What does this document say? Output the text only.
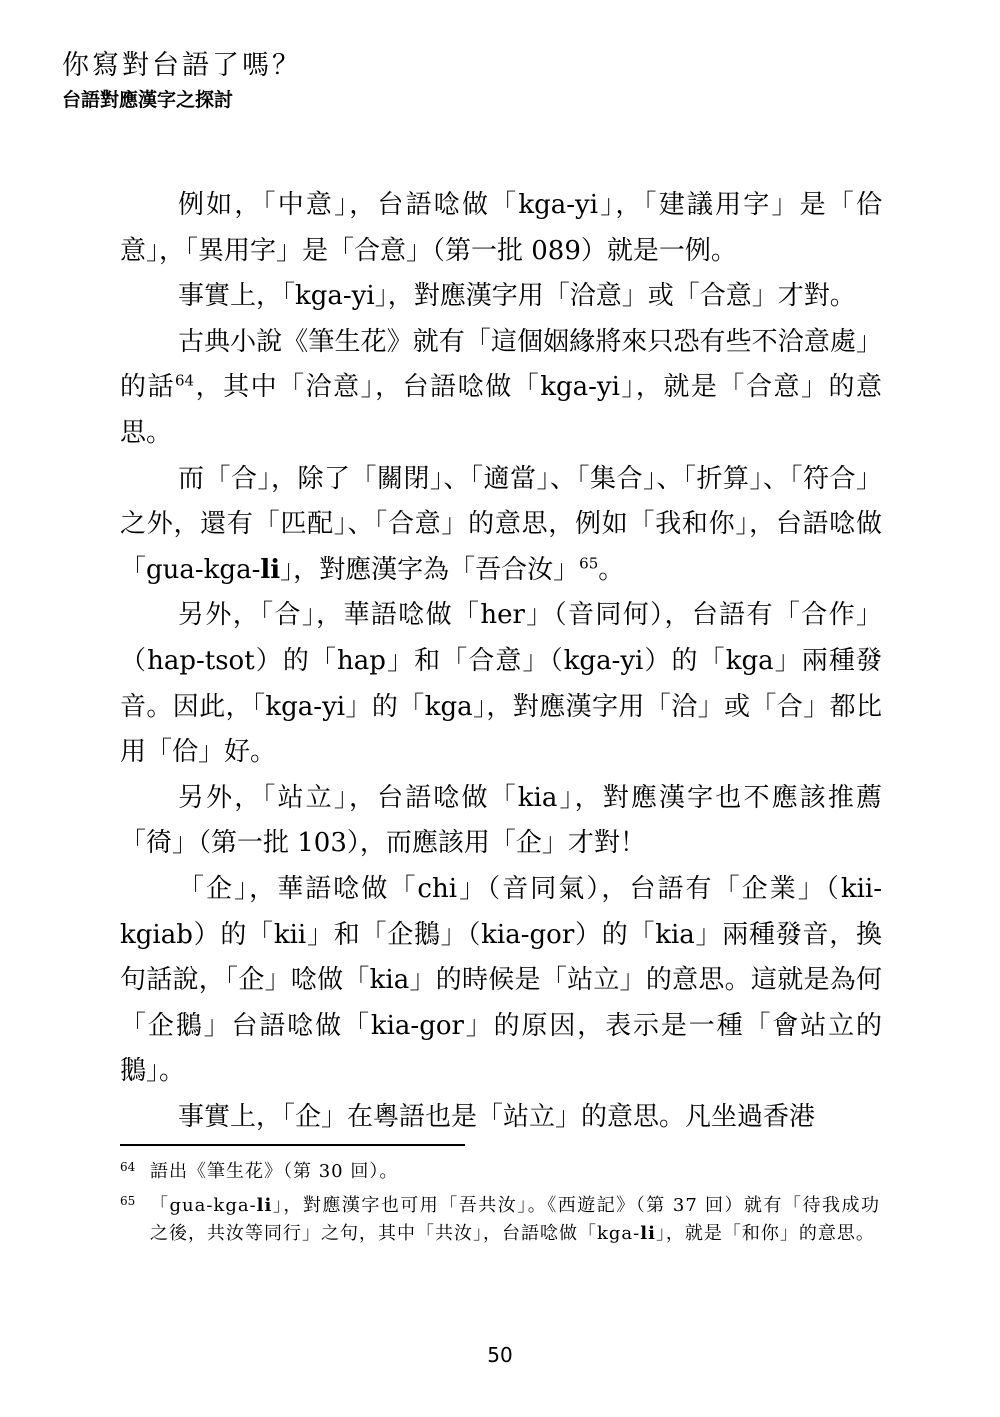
你寫對台語了嗎？
台語對應漢字之探討

例如，「中意」，台語唸做「kga-yi」，「建議用字」是「佮意」，「異用字」是「合意」（第一批 089）就是一例。

事實上，「kga-yi」，對應漢字用「洽意」或「合意」才對。

古典小說《筆生花》就有「這個姻緣將來只恐有些不洽意處」的話$^{64}$，其中「洽意」，台語唸做「kga-yi」，就是「合意」的意思。

而「合」，除了「關閉」、「適當」、「集合」、「折算」、「符合」之外，還有「匹配」、「合意」的意思，例如「我和你」，台語唸做「gua-kga-li」，對應漢字為「吾合汝」$^{65}$。

另外，「合」，華語唸做「her」（音同何），台語有「合作」（hap-tsot）的「hap」和「合意」（kga-yi）的「kga」兩種發音。因此，「kga-yi」的「kga」，對應漢字用「洽」或「合」都比用「佮」好。

另外，「站立」，台語唸做「kia」，對應漢字也不應該推薦「徛」（第一批 103），而應該用「企」才對！

「企」，華語唸做「chi」（音同氣），台語有「企業」（kii-kgiab）的「kii」和「企鵝」（kia-gor）的「kia」兩種發音，換句話說，「企」唸做「kia」的時候是「站立」的意思。這就是為何「企鵝」台語唸做「kia-gor」的原因，表示是一種「會站立的鵝」。

事實上，「企」在粵語也是「站立」的意思。凡坐過香港

64 語出《筆生花》（第 30 回）。
65 「gua-kga-li」，對應漢字也可用「吾共汝」。《西遊記》（第 37 回）就有「待我成功之後，共汝等同行」之句，其中「共汝」，台語唸做「kga-li」，就是「和你」的意思。
50
